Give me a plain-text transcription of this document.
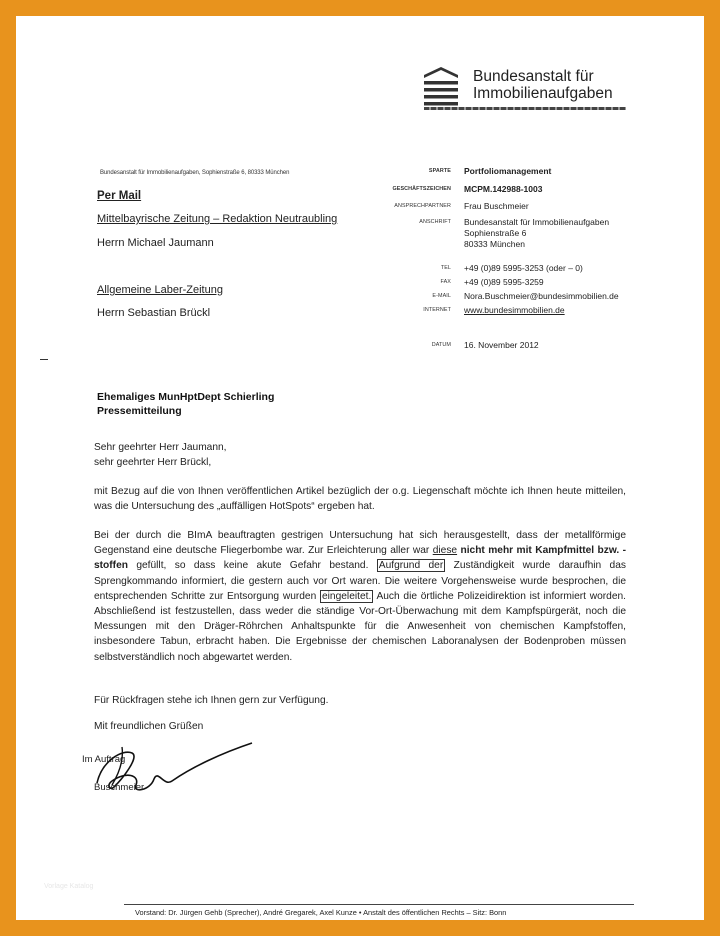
Bundesanstalt für
Immobilienaufgaben
Bundesanstalt für Immobilienaufgaben, Sophienstraße 6, 80333 München
Per Mail
Mittelbayrische Zeitung – Redaktion Neutraubling
Herrn Michael Jaumann
Allgemeine Laber-Zeitung
Herrn Sebastian Brückl
SPARTE	Portfoliomanagement
GESCHÄFTSZEICHEN	MCPM.142988-1003
ANSPRECHPARTNER	Frau Buschmeier
ANSCHRIFT	Bundesanstalt für Immobilienaufgaben
Sophienstraße 6
80333 München
TEL	+49 (0)89 5995-3253 (oder – 0)
FAX	+49 (0)89 5995-3259
E-MAIL	Nora.Buschmeier@bundesimmobilien.de
INTERNET	www.bundesimmobilien.de
DATUM	16. November 2012
Ehemaliges MunHptDept Schierling
Pressemitteilung
Sehr geehrter Herr Jaumann,
sehr geehrter Herr Brückl,
mit Bezug auf die von Ihnen veröffentlichen Artikel bezüglich der o.g. Liegenschaft möchte ich Ihnen heute mitteilen, was die Untersuchung des „auffälligen HotSpots“ ergeben hat.
Bei der durch die BImA beauftragten gestrigen Untersuchung hat sich herausgestellt, dass der metallförmige Gegenstand eine deutsche Fliegerbombe war. Zur Erleichterung aller war diese nicht mehr mit Kampfmittel bzw. -stoffen gefüllt, so dass keine akute Gefahr bestand. Aufgrund der Zuständigkeit wurde daraufhin das Sprengkommando informiert, die gestern auch vor Ort waren. Die weitere Vorgehensweise wurde besprochen, die entsprechenden Schritte zur Entsorgung wurden eingeleitet. Auch die örtliche Polizeidirektion ist informiert worden. Abschließend ist festzustellen, dass weder die ständige Vor-Ort-Überwachung mit dem Kampfspürgerät, noch die Messungen mit den Dräger-Röhrchen Anhaltspunkte für die Anwesenheit von chemischen Kampfstoffen, insbesondere Tabun, erbracht haben. Die Ergebnisse der chemischen Laboranalysen der Bodenproben müssen selbstverständlich noch abgewartet werden.
Für Rückfragen stehe ich Ihnen gern zur Verfügung.
Mit freundlichen Grüßen
Im Auftrag
Buschmeier
Vorlage Katalog
Vorstand: Dr. Jürgen Gehb (Sprecher), André Gregarek, Axel Kunze • Anstalt des öffentlichen Rechts – Sitz: Bonn
